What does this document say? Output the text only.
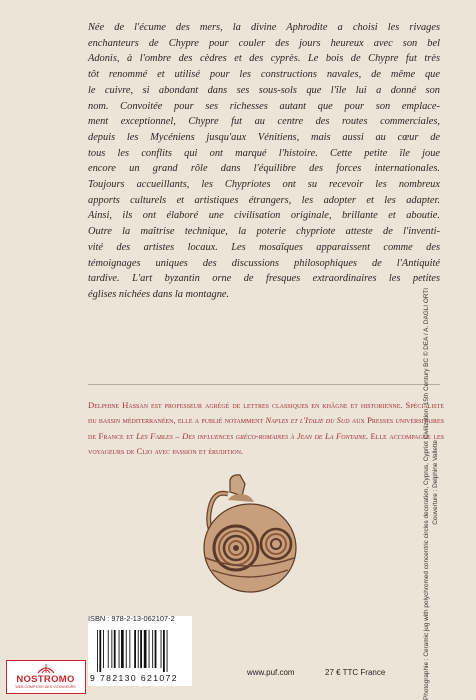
Née de l'écume des mers, la divine Aphrodite a choisi les rivages
enchanteurs de Chypre pour couler des jours heureux avec son bel
Adonis, à l'ombre des cèdres et des cyprès. Le bois de Chypre fut très
tôt renommé et utilisé pour les constructions navales, de même que
le cuivre, si abondant dans ses sous-sols que l'île lui a donné son
nom. Convoitée pour ses richesses autant que pour son emplace-
ment exceptionnel, Chypre fut au centre des routes commerciales,
depuis les Mycéniens jusqu'aux Vénitiens, mais aussi au cœur de
tous les conflits qui ont marqué l'histoire. Cette petite île joue
encore un grand rôle dans l'équilibre des forces internationales.
Toujours accueillants, les Chypriotes ont su recevoir les nombreux
apports culturels et artistiques étrangers, les adopter et les adapter.
Ainsi, ils ont élaboré une civilisation originale, brillante et aboutie.
Outre la maîtrise technique, la poterie chypriote atteste de l'inventi-
vité des artistes locaux. Les mosaïques apparaissent comme des
témoignages uniques des discussions philosophiques de l'Antiquité
tardive. L'art byzantin orne de fresques extraordinaires les petites
églises nichées dans la montagne.

Delphine Hassan est professeur agrégé de lettres classiques en khâgne et historienne. Spécialiste du bassin méditerranéen, elle a publié notamment Naples et l'Italie du Sud aux Presses universitaires de France et Les Fables – Des influences gréco-romaines à Jean de La Fontaine. Elle accompagne les voyageurs de Clio avec passion et érudition.	Photographie : Ceramic jug with polychromed concentric circles decoration, Cyprus, Cypriot Civilization, 15th Century BC © DEA / A. DAGLI ORTI Couverture : Delphine Vallette
ISBN : 978-2-13-062107-2
9 782130 621072
www.puf.com	27 € TTC France
NOSTROMO
WEB COMPTOIR DES VOYAGEURS
